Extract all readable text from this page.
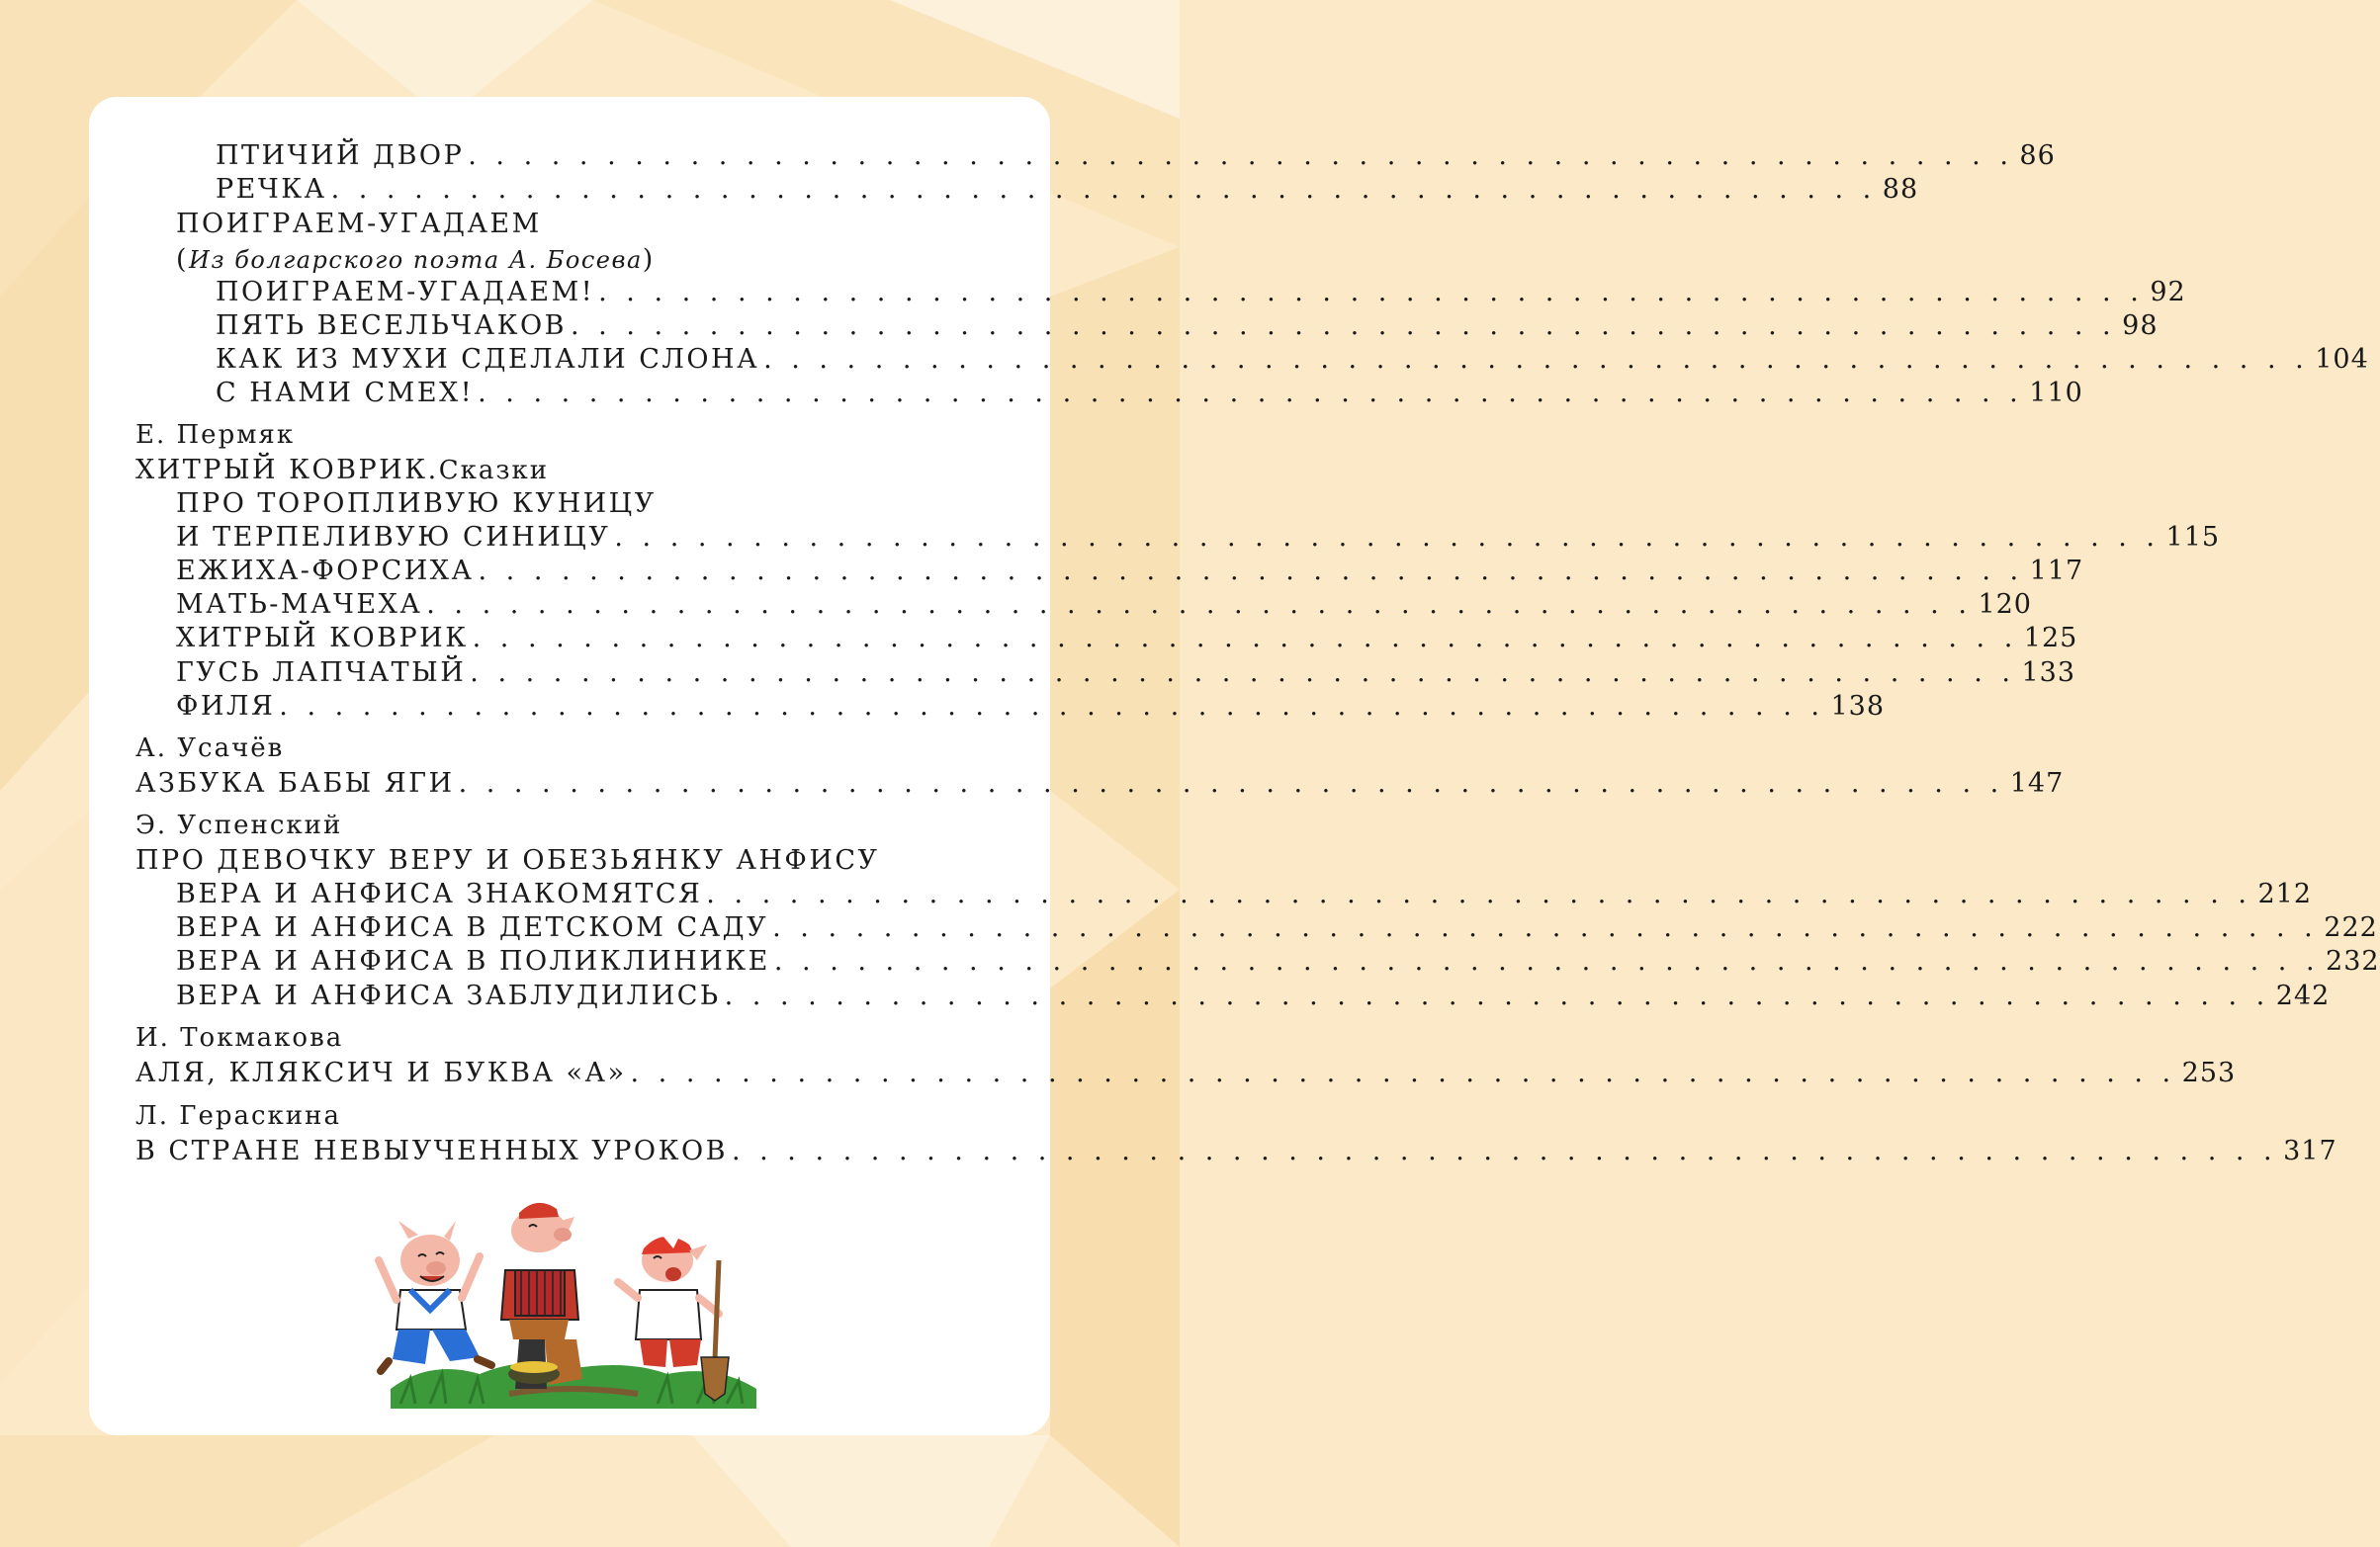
ПТИЧИЙ ДВОР . . . . . . . . . . . . . . . . . . . . . . . . . . . . . . . . . . . . . . . . . . . . . . . . . . . . . . . . 86
РЕЧКА . . . . . . . . . . . . . . . . . . . . . . . . . . . . . . . . . . . . . . . . . . . . . . . . . . . . . . . . 88
ПОИГРАЕМ-УГАДАЕМ
( Из болгарского поэта А. Босева )
ПОИГРАЕМ-УГАДАЕМ! . . . . . . . . . . . . . . . . . . . . . . . . . . . . . . . . . . . . . . . . . . . . . . . . . . . . . . . . 92
ПЯТЬ ВЕСЕЛЬЧАКОВ . . . . . . . . . . . . . . . . . . . . . . . . . . . . . . . . . . . . . . . . . . . . . . . . . . . . . . . . 98
КАК ИЗ МУХИ СДЕЛАЛИ СЛОНА . . . . . . . . . . . . . . . . . . . . . . . . . . . . . . . . . . . . . . . . . . . . . . . . . . . . . . . . 104
С НАМИ СМЕХ! . . . . . . . . . . . . . . . . . . . . . . . . . . . . . . . . . . . . . . . . . . . . . . . . . . . . . . . . 110
Е. Пермяк
ХИТРЫЙ КОВРИК. Сказки
ПРО ТОРОПЛИВУЮ КУНИЦУ
И ТЕРПЕЛИВУЮ СИНИЦУ . . . . . . . . . . . . . . . . . . . . . . . . . . . . . . . . . . . . . . . . . . . . . . . . . . . . . . . . 115
ЕЖИХА-ФОРСИХА . . . . . . . . . . . . . . . . . . . . . . . . . . . . . . . . . . . . . . . . . . . . . . . . . . . . . . . . 117
МАТЬ-МАЧЕХА . . . . . . . . . . . . . . . . . . . . . . . . . . . . . . . . . . . . . . . . . . . . . . . . . . . . . . . . 120
ХИТРЫЙ КОВРИК . . . . . . . . . . . . . . . . . . . . . . . . . . . . . . . . . . . . . . . . . . . . . . . . . . . . . . . . 125
ГУСЬ ЛАПЧАТЫЙ . . . . . . . . . . . . . . . . . . . . . . . . . . . . . . . . . . . . . . . . . . . . . . . . . . . . . . . . 133
ФИЛЯ . . . . . . . . . . . . . . . . . . . . . . . . . . . . . . . . . . . . . . . . . . . . . . . . . . . . . . . . 138
А. Усачёв
АЗБУКА БАБЫ ЯГИ . . . . . . . . . . . . . . . . . . . . . . . . . . . . . . . . . . . . . . . . . . . . . . . . . . . . . . . . 147
Э. Успенский
ПРО ДЕВОЧКУ ВЕРУ И ОБЕЗЬЯНКУ АНФИСУ
ВЕРА И АНФИСА ЗНАКОМЯТСЯ . . . . . . . . . . . . . . . . . . . . . . . . . . . . . . . . . . . . . . . . . . . . . . . . . . . . . . . . 212
ВЕРА И АНФИСА В ДЕТСКОМ САДУ . . . . . . . . . . . . . . . . . . . . . . . . . . . . . . . . . . . . . . . . . . . . . . . . . . . . . . . . 222
ВЕРА И АНФИСА В ПОЛИКЛИНИКЕ . . . . . . . . . . . . . . . . . . . . . . . . . . . . . . . . . . . . . . . . . . . . . . . . . . . . . . . . 232
ВЕРА И АНФИСА ЗАБЛУДИЛИСЬ . . . . . . . . . . . . . . . . . . . . . . . . . . . . . . . . . . . . . . . . . . . . . . . . . . . . . . . . 242
И. Токмакова
АЛЯ, КЛЯКСИЧ И БУКВА «А» . . . . . . . . . . . . . . . . . . . . . . . . . . . . . . . . . . . . . . . . . . . . . . . . . . . . . . . . 253
Л. Гераскина
В СТРАНЕ НЕВЫУЧЕННЫХ УРОКОВ . . . . . . . . . . . . . . . . . . . . . . . . . . . . . . . . . . . . . . . . . . . . . . . . . . . . . . . . 317
